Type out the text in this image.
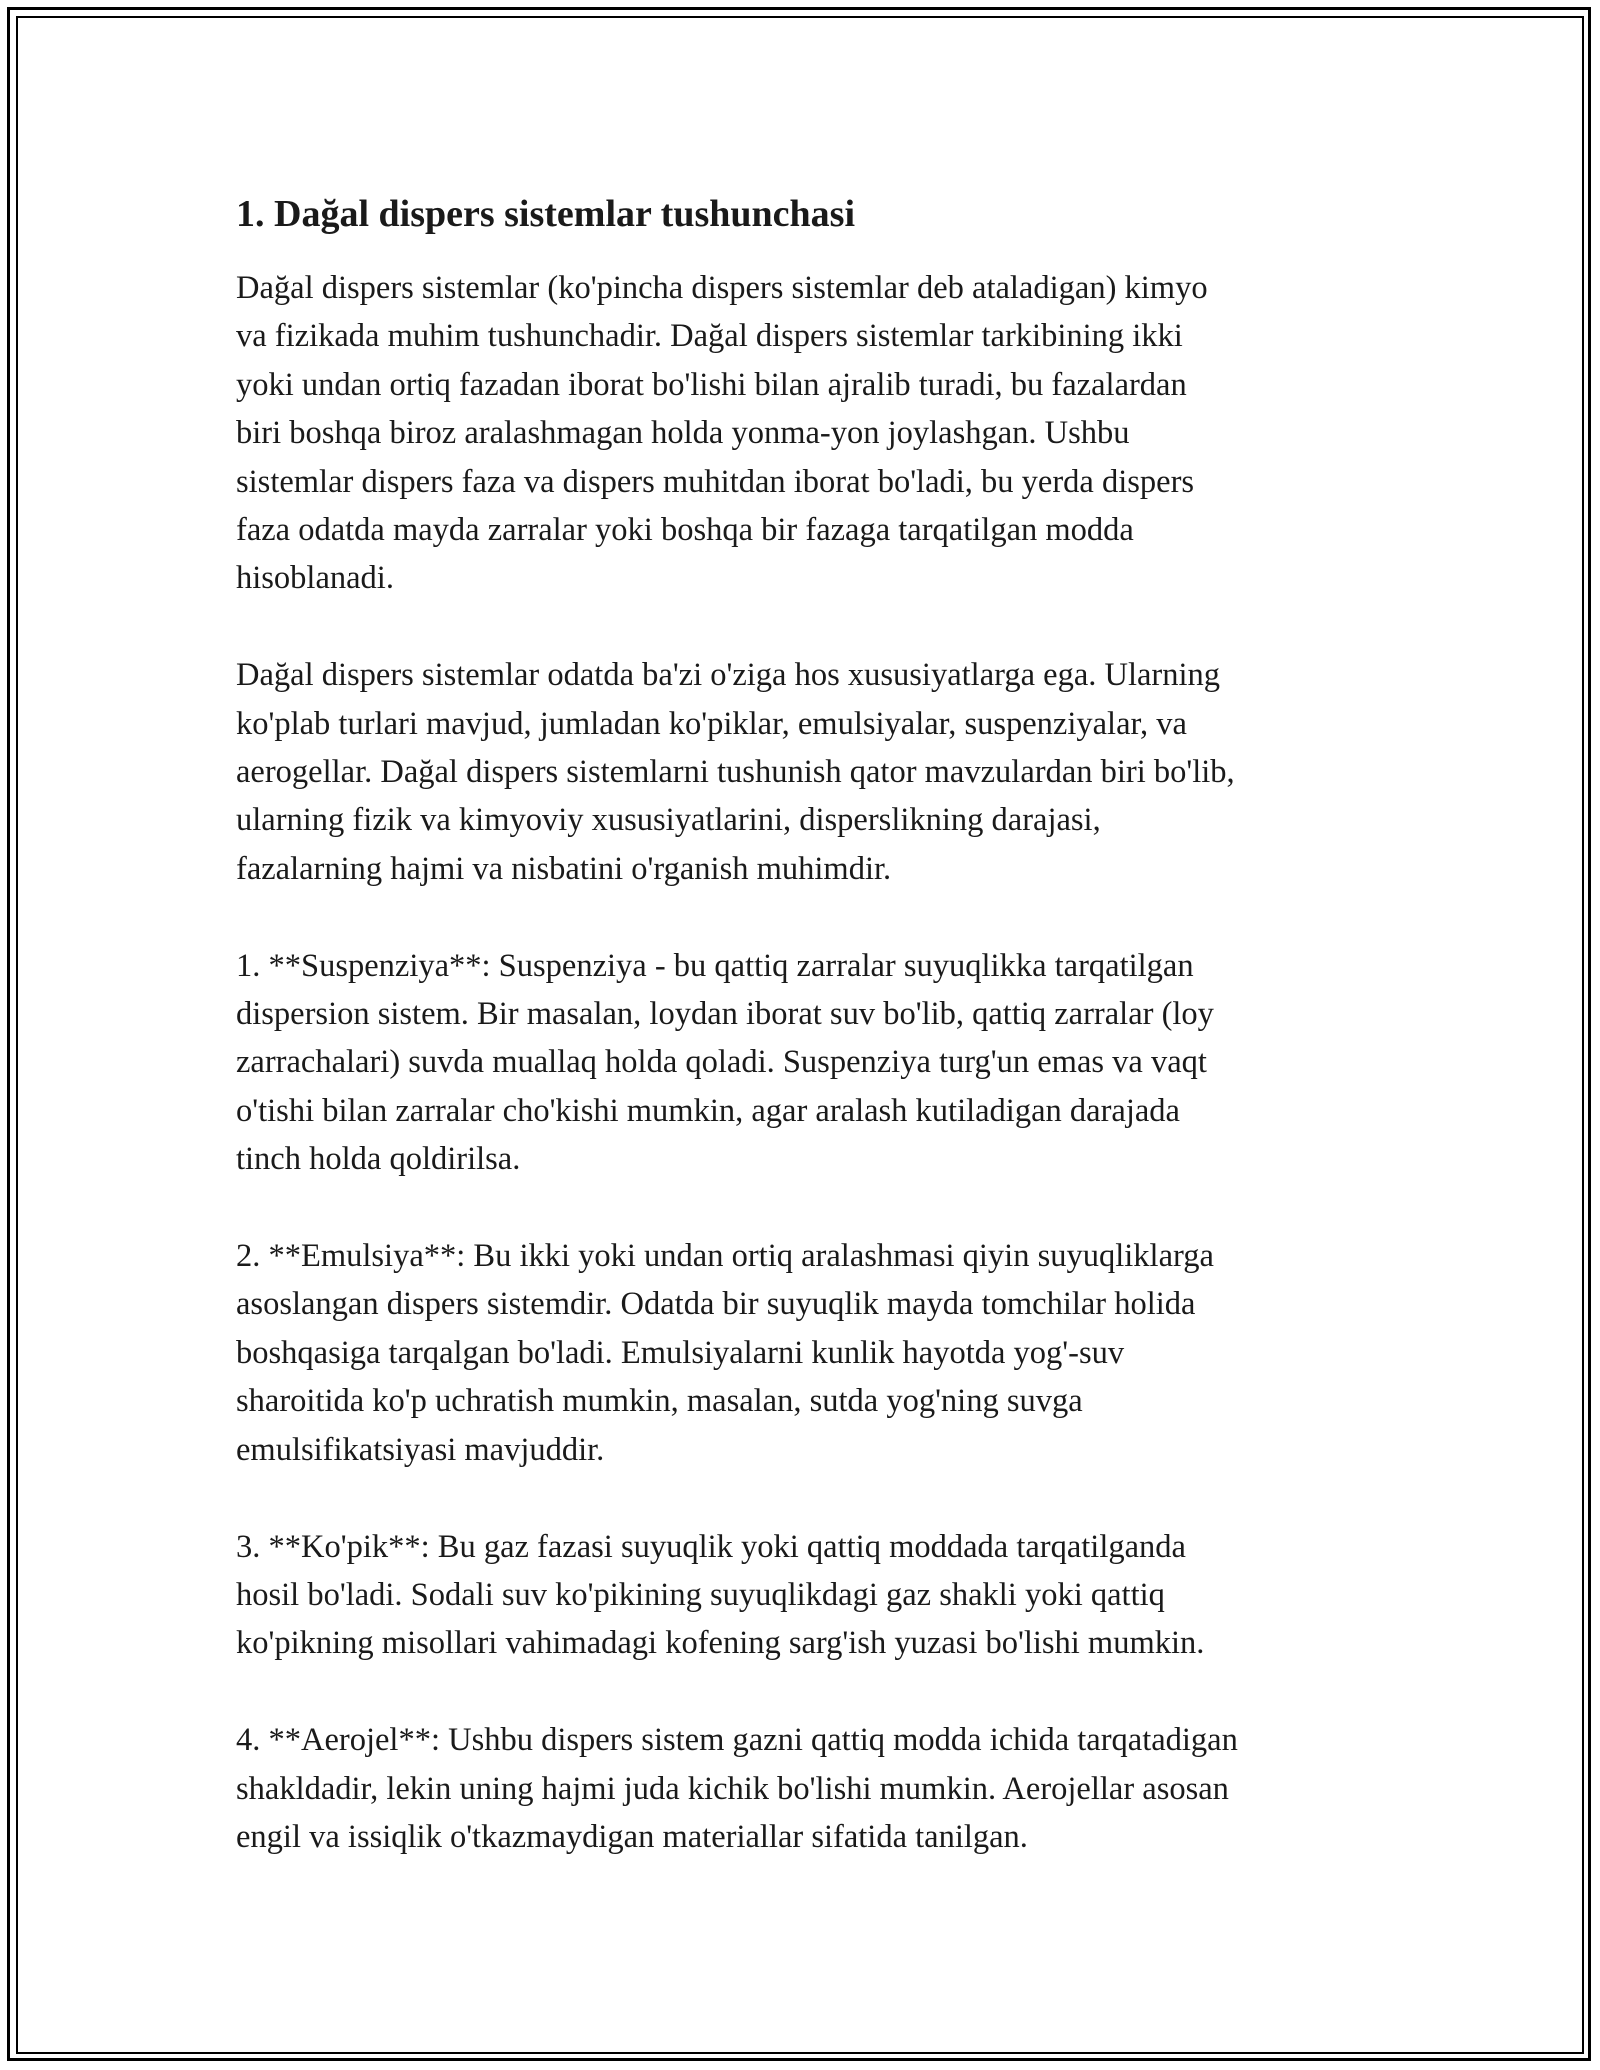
1. Dağal dispers sistemlar tushunchasi

Dağal dispers sistemlar (ko'pincha dispers sistemlar deb ataladigan) kimyo
va fizikada muhim tushunchadir. Dağal dispers sistemlar tarkibining ikki
yoki undan ortiq fazadan iborat bo'lishi bilan ajralib turadi, bu fazalardan
biri boshqa biroz aralashmagan holda yonma-yon joylashgan. Ushbu
sistemlar dispers faza va dispers muhitdan iborat bo'ladi, bu yerda dispers
faza odatda mayda zarralar yoki boshqa bir fazaga tarqatilgan modda
hisoblanadi.

Dağal dispers sistemlar odatda ba'zi o'ziga hos xususiyatlarga ega. Ularning
ko'plab turlari mavjud, jumladan ko'piklar, emulsiyalar, suspenziyalar, va
aerogellar. Dağal dispers sistemlarni tushunish qator mavzulardan biri bo'lib,
ularning fizik va kimyoviy xususiyatlarini, disperslikning darajasi,
fazalarning hajmi va nisbatini o'rganish muhimdir.

1. **Suspenziya**: Suspenziya - bu qattiq zarralar suyuqlikka tarqatilgan
dispersion sistem. Bir masalan, loydan iborat suv bo'lib, qattiq zarralar (loy
zarrachalari) suvda muallaq holda qoladi. Suspenziya turg'un emas va vaqt
o'tishi bilan zarralar cho'kishi mumkin, agar aralash kutiladigan darajada
tinch holda qoldirilsa.

2. **Emulsiya**: Bu ikki yoki undan ortiq aralashmasi qiyin suyuqliklarga
asoslangan dispers sistemdir. Odatda bir suyuqlik mayda tomchilar holida
boshqasiga tarqalgan bo'ladi. Emulsiyalarni kunlik hayotda yog'-suv
sharoitida ko'p uchratish mumkin, masalan, sutda yog'ning suvga
emulsifikatsiyasi mavjuddir.

3. **Ko'pik**: Bu gaz fazasi suyuqlik yoki qattiq moddada tarqatilganda
hosil bo'ladi. Sodali suv ko'pikining suyuqlikdagi gaz shakli yoki qattiq
ko'pikning misollari vahimadagi kofening sarg'ish yuzasi bo'lishi mumkin.

4. **Aerojel**: Ushbu dispers sistem gazni qattiq modda ichida tarqatadigan
shakldadir, lekin uning hajmi juda kichik bo'lishi mumkin. Aerojellar asosan
engil va issiqlik o'tkazmaydigan materiallar sifatida tanilgan.
